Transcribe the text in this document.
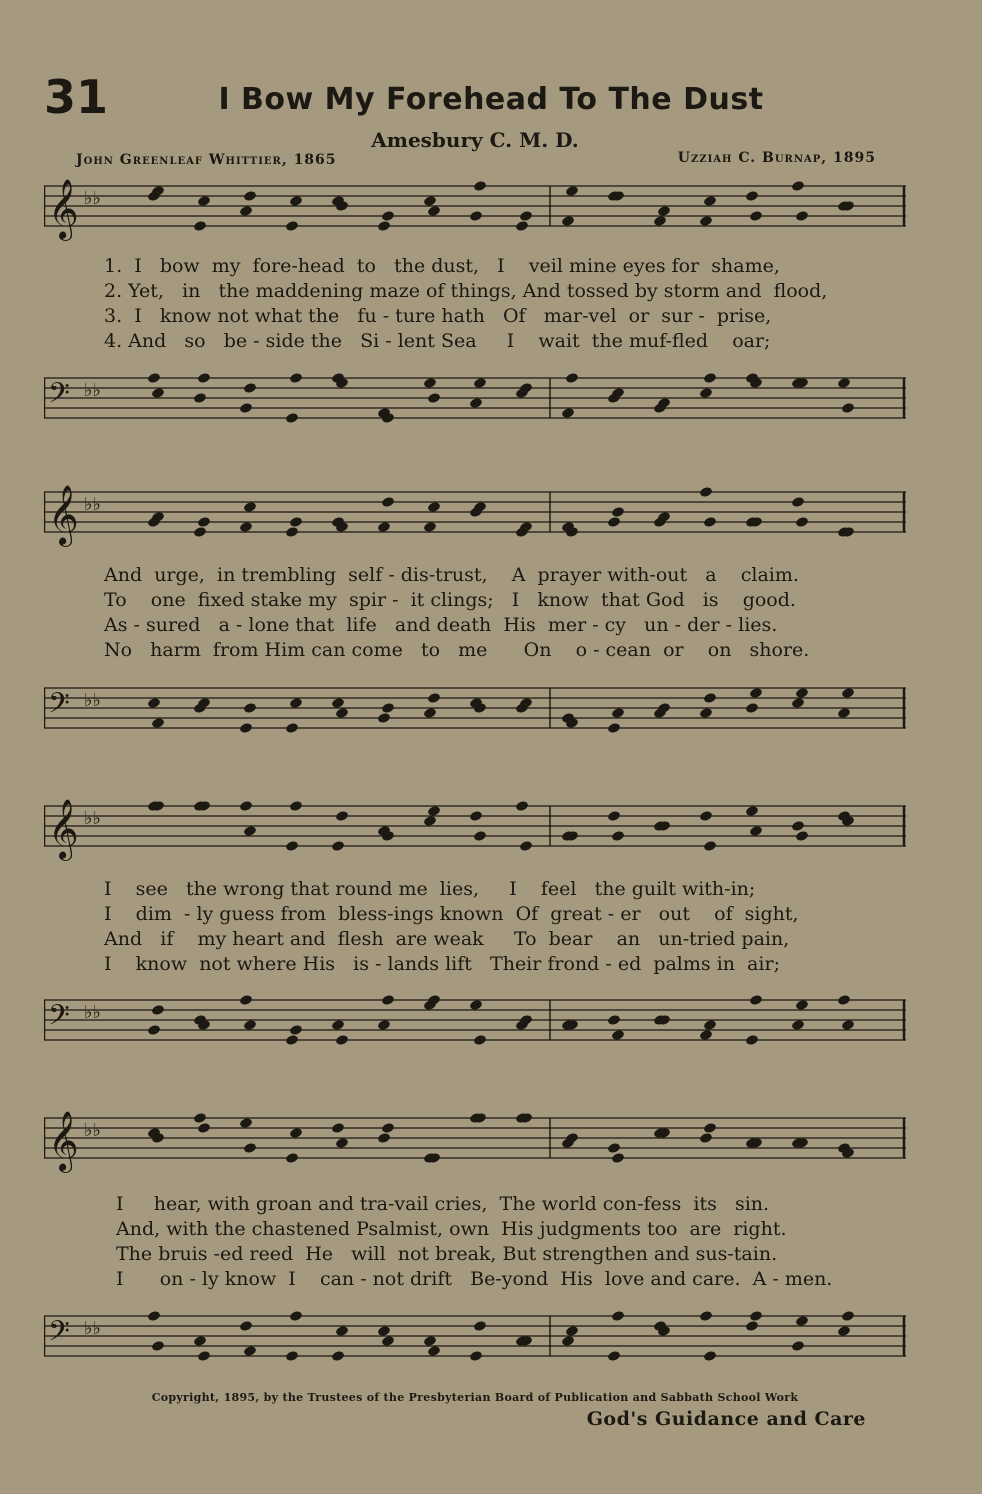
31	I Bow My Forehead To The Dust
Amesbury C. M. D.
John Greenleaf Whittier, 1865	Uzziah C. Burnap, 1895
𝄞 ♭♭
1.  I   bow  my  fore-head  to   the dust,   I    veil mine eyes for  shame,
2. Yet,   in   the maddening maze of things, And tossed by storm and  flood,
3.  I   know not what the   fu - ture hath   Of   mar-vel  or  sur -  prise,
4. And   so   be - side the   Si - lent Sea     I    wait  the muf-fled    oar;
𝄢 ♭♭
𝄞 ♭♭
And  urge,  in trembling  self - dis-trust,    A  prayer with-out   a    claim.
To    one  fixed stake my  spir -  it clings;   I   know  that God   is    good.
As - sured   a - lone that  life   and death  His  mer - cy   un - der - lies.
No   harm  from Him can come   to   me      On    o - cean  or    on   shore.
𝄢 ♭♭
𝄞 ♭♭
I    see   the wrong that round me  lies,     I    feel   the guilt with-in;
I    dim  - ly guess from  bless-ings known  Of  great - er   out    of  sight,
And   if    my heart and  flesh  are weak     To  bear    an   un-tried pain,
I    know  not where His   is - lands lift   Their frond - ed  palms in  air;
𝄢 ♭♭
𝄞 ♭♭
I     hear, with groan and tra-vail cries,  The world con-fess  its   sin.
And, with the chastened Psalmist, own  His judgments too  are  right.
The bruis -ed reed  He   will  not break, But strengthen and sus-tain.
I      on - ly know  I    can - not drift   Be-yond  His  love and care.  A - men.
𝄢 ♭♭
Copyright, 1895, by the Trustees of the Presbyterian Board of Publication and Sabbath School Work
God's Guidance and Care
